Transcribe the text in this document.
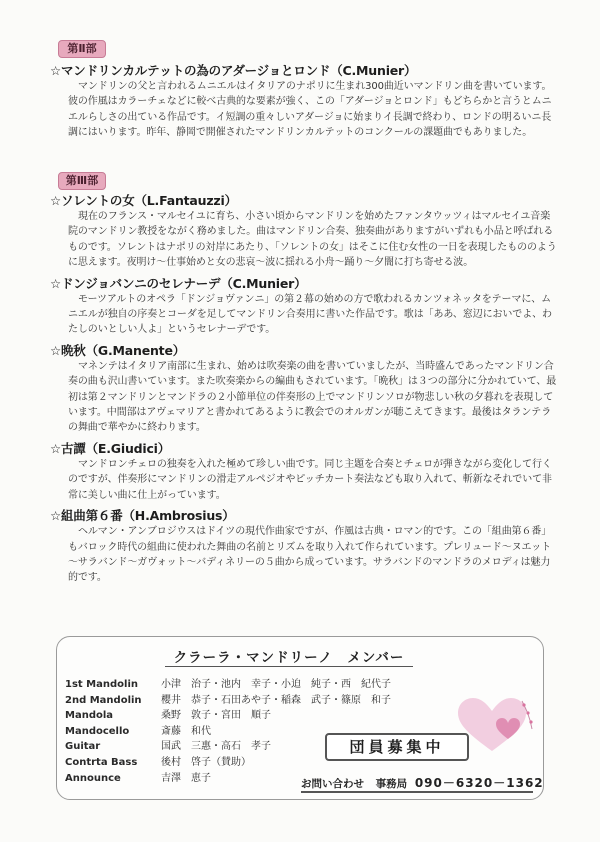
第Ⅱ部
☆マンドリンカルテットの為のアダージョとロンド（C.Munier）
マンドリンの父と言われるムニエルはイタリアのナポリに生まれ300曲近いマンドリン曲を書いています。彼の作風はカラーチェなどに較べ古典的な要素が強く、この「アダージョとロンド」もどちらかと言うとムニエルらしさの出ている作品です。イ短調の重々しいアダージョに始まりイ長調で終わり、ロンドの明るいニ長調にはいります。昨年、静岡で開催されたマンドリンカルテットのコンクールの課題曲でもありました。
第Ⅲ部
☆ソレントの女（L.Fantauzzi）
現在のフランス・マルセイユに育ち、小さい頃からマンドリンを始めたファンタウッツィはマルセイユ音楽院のマンドリン教授をながく務めました。曲はマンドリン合奏、独奏曲がありますがいずれも小品と呼ばれるものです。ソレントはナポリの対岸にあたり、「ソレントの女」はそこに住む女性の一日を表現したもののように思えます。夜明け～仕事始めと女の悲哀～波に揺れる小舟～踊り～夕闇に打ち寄せる波。
☆ドンジョバンニのセレナーデ（C.Munier）
モーツアルトのオペラ「ドンジョヴァンニ」の第２幕の始めの方で歌われるカンツォネッタをテーマに、ムニエルが独自の序奏とコーダを足してマンドリン合奏用に書いた作品です。歌は「ああ、窓辺においでよ、わたしのいとしい人よ」というセレナーデです。
☆晩秋（G.Manente）
マネンテはイタリア南部に生まれ、始めは吹奏楽の曲を書いていましたが、当時盛んであったマンドリン合奏の曲も沢山書いています。また吹奏楽からの編曲もされています。「晩秋」は３つの部分に分かれていて、最初は第２マンドリンとマンドラの２小節単位の伴奏形の上でマンドリンソロが物悲しい秋の夕暮れを表現しています。中間部はアヴェマリアと書かれてあるように教会でのオルガンが聴こえてきます。最後はタランテラの舞曲で華やかに終わります。
☆古譚（E.Giudici）
マンドロンチェロの独奏を入れた極めて珍しい曲です。同じ主題を合奏とチェロが弾きながら変化して行くのですが、伴奏形にマンドリンの滑走アルペジオやピッチカート奏法なども取り入れて、斬新なそれでいて非常に美しい曲に仕上がっています。
☆組曲第６番（H.Ambrosius）
ヘルマン・アンブロジウスはドイツの現代作曲家ですが、作風は古典・ロマン的です。この「組曲第６番」もバロック時代の組曲に使われた舞曲の名前とリズムを取り入れて作られています。プレリュード～ヌエット～サラバンド～ガヴォット～バディネリーの５曲から成っています。サラバンドのマンドラのメロディは魅力的です。
クラーラ・マンドリーノ　メンバー
1st Mandolin	小津　治子・池内　幸子・小迫　純子・西　紀代子
2nd Mandolin	櫻井　恭子・石田あや子・稲森　武子・篠原　和子
Mandola	桑野　敦子・宮田　順子
Mandocello	斎藤　和代
Guitar	国武　三惠・高石　孝子
Contrta Bass	後村　啓子（賛助）
Announce	吉澤　恵子
団員募集中
お問い合わせ 事務局 090－6320－1362
